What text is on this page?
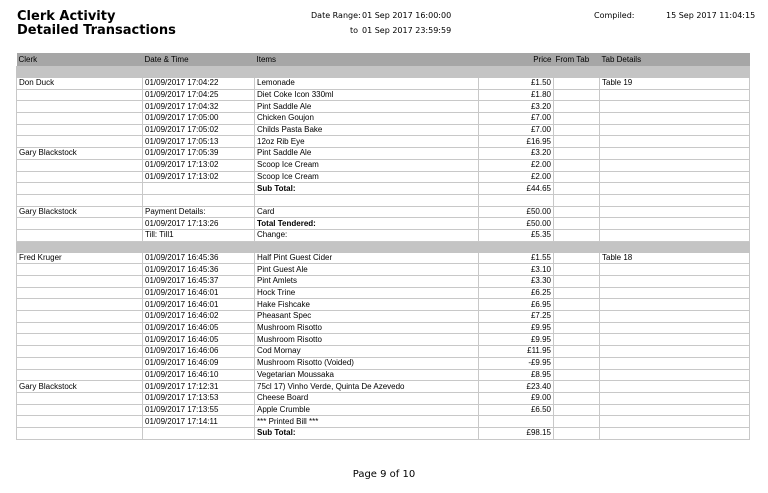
Clerk Activity
Detailed Transactions
Date Range: 01 Sep 2017 16:00:00
to 01 Sep 2017 23:59:59
Compiled:	15 Sep 2017 11:04:15
Clerk	Date & Time	Items	Price	From Tab	Tab Details

Don Duck	01/09/2017 17:04:22	Lemonade	£1.50		Table 19
	01/09/2017 17:04:25	Diet Coke Icon 330ml	£1.80		
	01/09/2017 17:04:32	Pint Saddle Ale	£3.20		
	01/09/2017 17:05:00	Chicken Goujon	£7.00		
	01/09/2017 17:05:02	Childs Pasta Bake	£7.00		
	01/09/2017 17:05:13	12oz Rib Eye	£16.95		
Gary Blackstock	01/09/2017 17:05:39	Pint Saddle Ale	£3.20		
	01/09/2017 17:13:02	Scoop Ice Cream	£2.00		
	01/09/2017 17:13:02	Scoop Ice Cream	£2.00		
		Sub Total:	£44.65		

Gary Blackstock	Payment Details:	Card	£50.00		
	01/09/2017 17:13:26	Total Tendered:	£50.00		
	Till: Till1	Change:	£5.35		

Fred Kruger	01/09/2017 16:45:36	Half Pint Guest Cider	£1.55		Table 18
	01/09/2017 16:45:36	Pint Guest Ale	£3.10		
	01/09/2017 16:45:37	Pint Amlets	£3.30		
	01/09/2017 16:46:01	Hock Trine	£6.25		
	01/09/2017 16:46:01	Hake Fishcake	£6.95		
	01/09/2017 16:46:02	Pheasant Spec	£7.25		
	01/09/2017 16:46:05	Mushroom Risotto	£9.95		
	01/09/2017 16:46:05	Mushroom Risotto	£9.95		
	01/09/2017 16:46:06	Cod Mornay	£11.95		
	01/09/2017 16:46:09	Mushroom Risotto (Voided)	-£9.95		
	01/09/2017 16:46:10	Vegetarian Moussaka	£8.95		
Gary Blackstock	01/09/2017 17:12:31	75cl 17) Vinho Verde, Quinta De Azevedo	£23.40		
	01/09/2017 17:13:53	Cheese Board	£9.00		
	01/09/2017 17:13:55	Apple Crumble	£6.50		
	01/09/2017 17:14:11	*** Printed Bill ***			
		Sub Total:	£98.15		
Page 9 of 10
